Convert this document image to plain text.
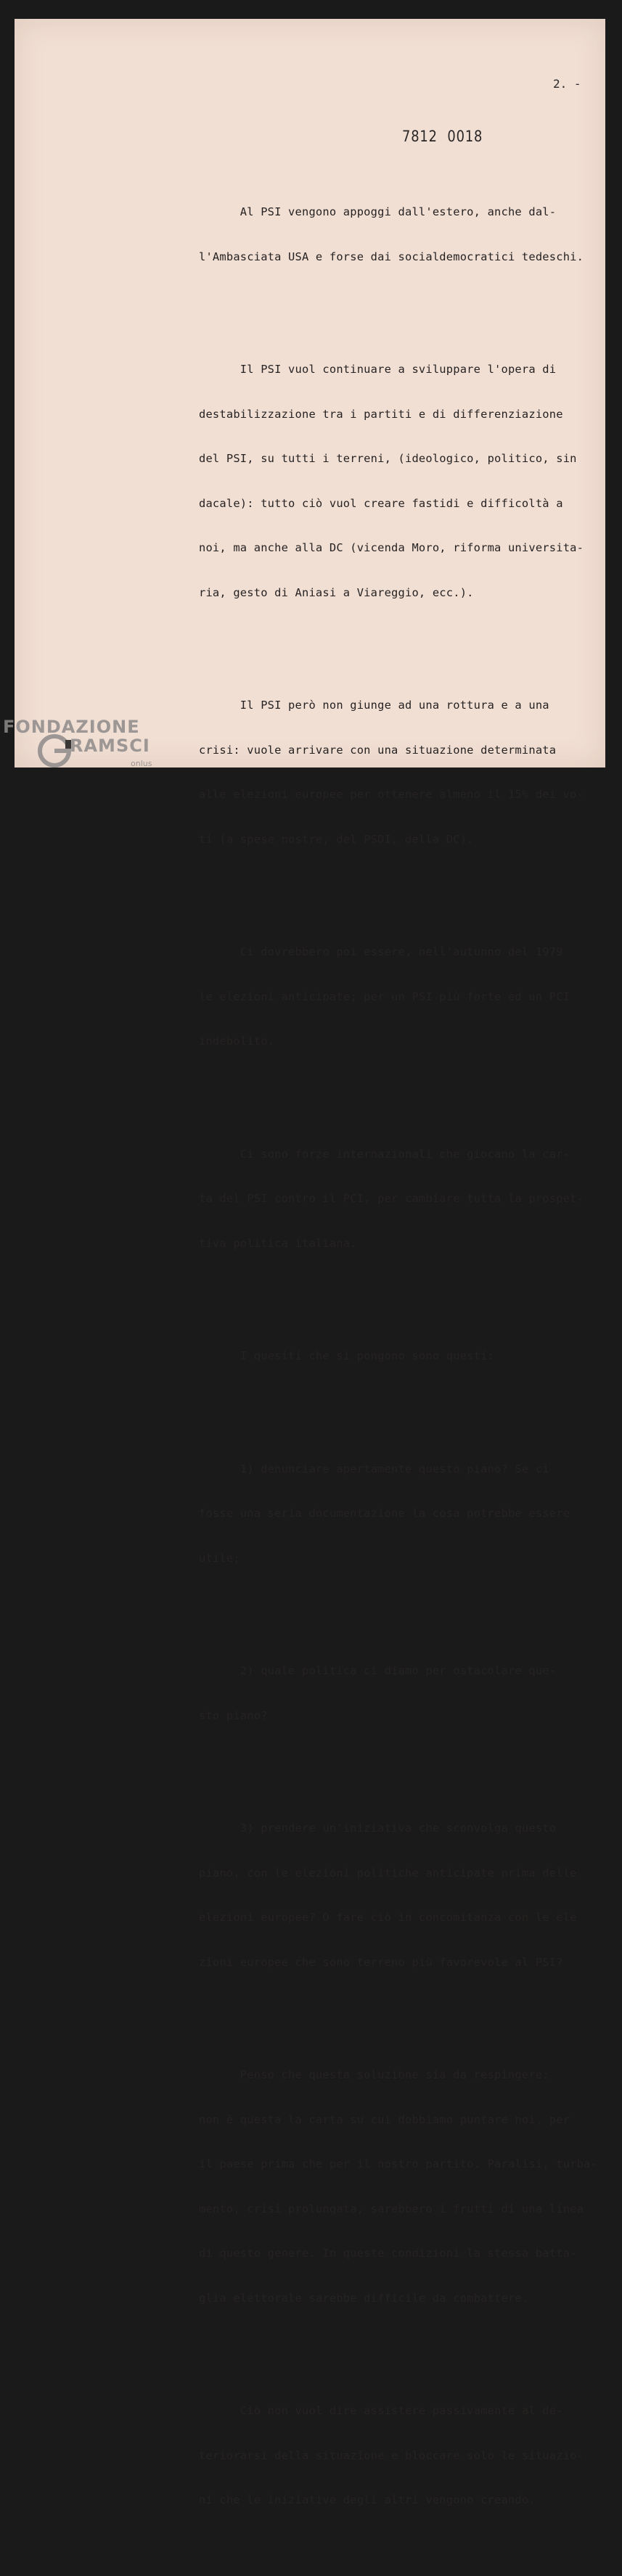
2. -
7812 0018

Al PSI vengono appoggi dall'estero, anche dal-

l'Ambasciata USA e forse dai socialdemocratici tedeschi.

Il PSI vuol continuare a sviluppare l'opera di

destabilizzazione tra i partiti e di differenziazione

del PSI, su tutti i terreni, (ideologico, politico, sin

dacale): tutto ciò vuol creare fastidi e difficoltà a

noi, ma anche alla DC (vicenda Moro, riforma universita-

ria, gesto di Aniasi a Viareggio, ecc.).

Il PSI però non giunge ad una rottura e a una

crisi: vuole arrivare con una situazione determinata

alle elezioni europee per ottenere almeno il 15% dei vo-

ti (a spese nostre, del PSDI, della DC).

Ci dovrebbero poi essere, nell'autunno del 1979

le elezioni anticipate; per un PSI più forte ed un PCI

indebolito.

Ci sono forze internazionali che giocano la car-

ta del PSI contro il PCI, per cambiare tutta la prospet-

tiva politica italiana.

I quesiti che si pongono sono questi:

1) denunciare apertamente questo piano? Se ci

fosse una seria documentazione la cosa potrebbe essere

utile;

2) quale politica ci diamo per ostacolare que-

sto piano?

3) prendere un'iniziativa che sconvolga questo

piano, con le elezioni politiche anticipate prima delle

elezioni europee? O fare ciò in concomitanza con le ele

zioni europee che sono terreno più favorevole al PSI?

Penso che questa soluzione sia da respingere:

non è questa la carta su cui dobbiamo puntare noi, per

il paese prima che per il nostro partito. Paralisi, turba-

mento, crisi prolungata, sarebbero i frutti di una linea

di questo genere. In queste condizioni la stessa batta-

glia elettorale sarebbe difficile da combattere.

Ciò non vuol dire assistere passivamente al de-

teriorarsi della situazione e bloccare solo le situazio-

ni che le iniziative degli altri vengono creando.

FONDAZIONE
RAMSCI
onlus
